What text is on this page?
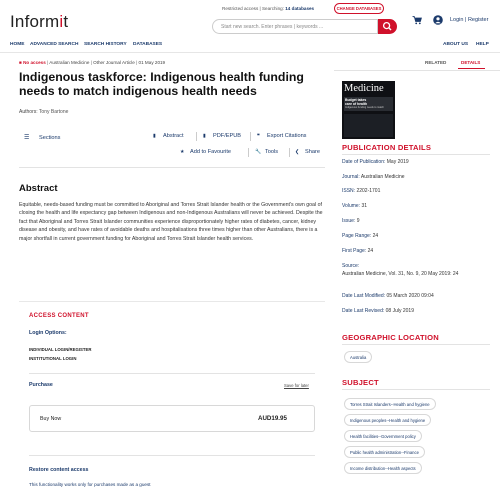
Informit
Restricted access | Searching: 14 databases	CHANGE DATABASES
Start new search. Enter phrases | keywords ...
Login | Register
HOME ADVANCED SEARCH SEARCH HISTORY DATABASES	ABOUT US HELP
■ No access | Australian Medicine | Other Journal Article | 01 May 2019	RELATED	DETAILS
Indigenous taskforce: Indigenous health funding needs to match indigenous health needs
Authors: Tony Bartone
☰ Sections	▮ Abstract	▮ PDF/EPUB	❝ Export Citations
★ Add to Favourite	🔧 Tools	❮ Share
Abstract
Equitable, needs-based funding must be committed to Aboriginal and Torres Strait Islander health or the Government's own goal of closing the health and life expectancy gap between Indigenous and non-Indigenous Australians will never be achieved. Despite the fact that Aboriginal and Torres Strait Islander communities experience disproportionately higher rates of diabetes, cancer, kidney disease and obesity, and have rates of avoidable deaths and hospitalisations three times higher than other Australians, there is a major shortfall in current government funding for Aboriginal and Torres Strait Islander health services.
ACCESS CONTENT
Login Options:
INDIVIDUAL LOGIN/REGISTER
INSTITUTIONAL LOGIN
Purchase	Save for later
Buy Now	AUD19.95
Restore content access
This functionality works only for purchases made as a guest
Medicine
Budget takes
care of health
Indigenous funding needs to match
PUBLICATION DETAILS
Date of Publication: May 2019
Journal: Australian Medicine
ISSN: 2202-1701
Volume: 31
Issue: 9
Page Range: 24
First Page: 24
Source:
Australian Medicine, Vol. 31, No. 9, 20 May 2019: 24
Date Last Modified: 05 March 2020 09:04
Date Last Revised: 08 July 2019
GEOGRAPHIC LOCATION
Australia
SUBJECT
Torres Strait Islanders--Health and hygiene
Indigenous peoples--Health and hygiene
Health facilities--Government policy
Public health administration--Finance
Income distribution--Health aspects
